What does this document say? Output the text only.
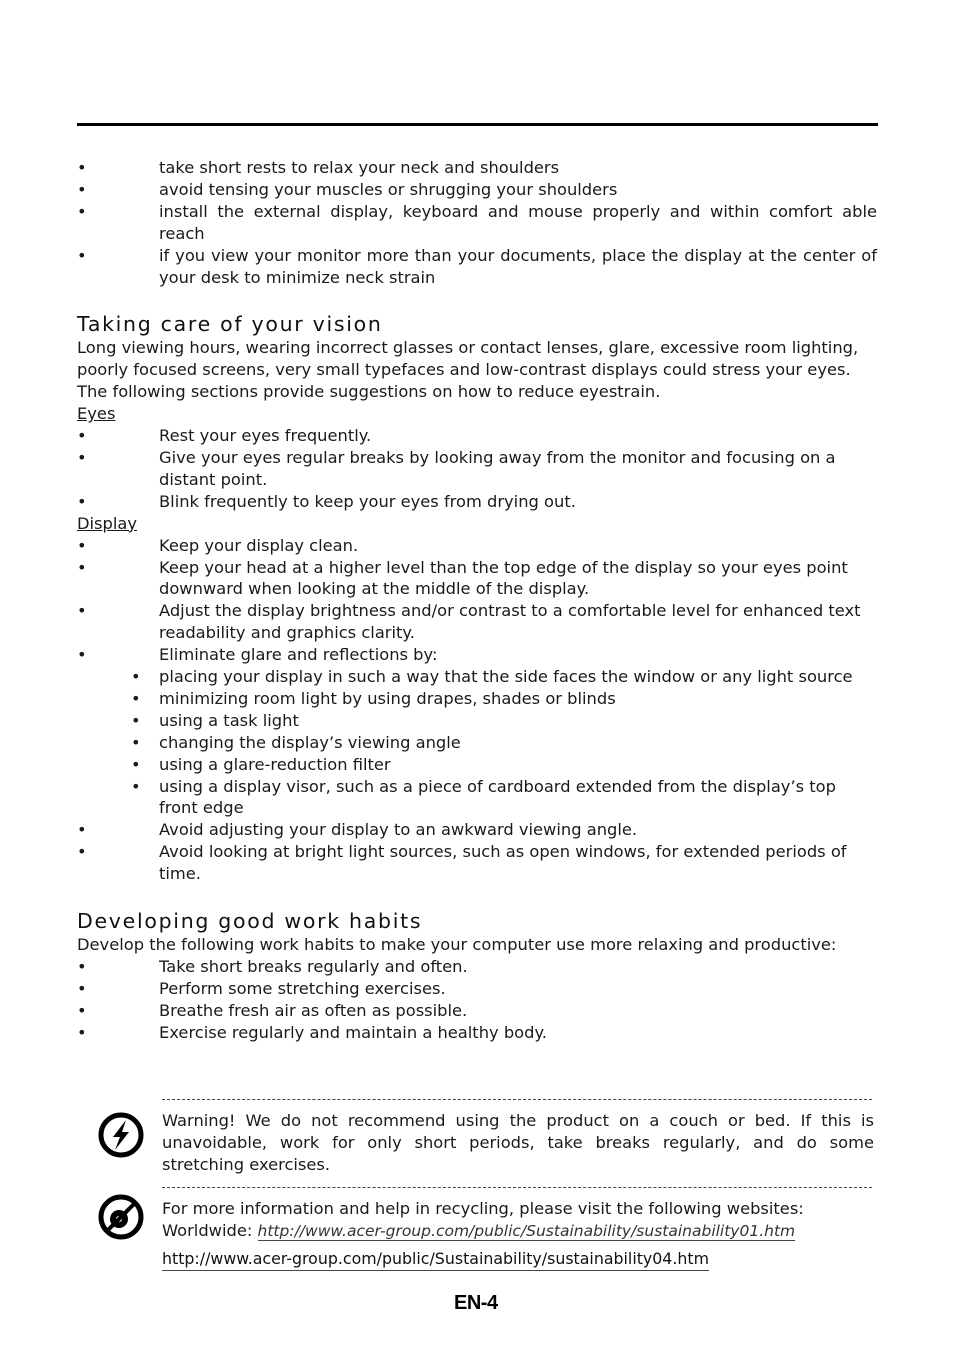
•	take short rests to relax your neck and shoulders
•	avoid tensing your muscles or shrugging your shoulders
•	install the external display, keyboard and mouse properly and within comfort able reach
•	if you view your monitor more than your documents, place the display at the center of your desk to minimize neck strain
Taking care of your vision
Long viewing hours, wearing incorrect glasses or contact lenses, glare, excessive room lighting, poorly focused screens, very small typefaces and low-contrast displays could stress your eyes. The following sections provide suggestions on how to reduce eyestrain.
Eyes
•	Rest your eyes frequently.
•	Give your eyes regular breaks by looking away from the monitor and focusing on a distant point.
•	Blink frequently to keep your eyes from drying out.
Display
•	Keep your display clean.
•	Keep your head at a higher level than the top edge of the display so your eyes point downward when looking at the middle of the display.
•	Adjust the display brightness and/or contrast to a comfortable level for enhanced text readability and graphics clarity.
•	Eliminate glare and reflections by:
• placing your display in such a way that the side faces the window or any light source
• minimizing room light by using drapes, shades or blinds
• using a task light
• changing the display’s viewing angle
• using a glare-reduction filter
• using a display visor, such as a piece of cardboard extended from the display’s top front edge
•	Avoid adjusting your display to an awkward viewing angle.
•	Avoid looking at bright light sources, such as open windows, for extended periods of time.
Developing good work habits
Develop the following work habits to make your computer use more relaxing and productive:
•	Take short breaks regularly and often.
•	Perform some stretching exercises.
•	Breathe fresh air as often as possible.
•	Exercise regularly and maintain a healthy body.
Warning! We do not recommend using the product on a couch or bed. If this is unavoidable, work for only short periods, take breaks regularly, and do some stretching exercises.
For more information and help in recycling, please visit the following websites:
Worldwide: http://www.acer-group.com/public/Sustainability/sustainability01.htm
http://www.acer-group.com/public/Sustainability/sustainability04.htm
EN-4
